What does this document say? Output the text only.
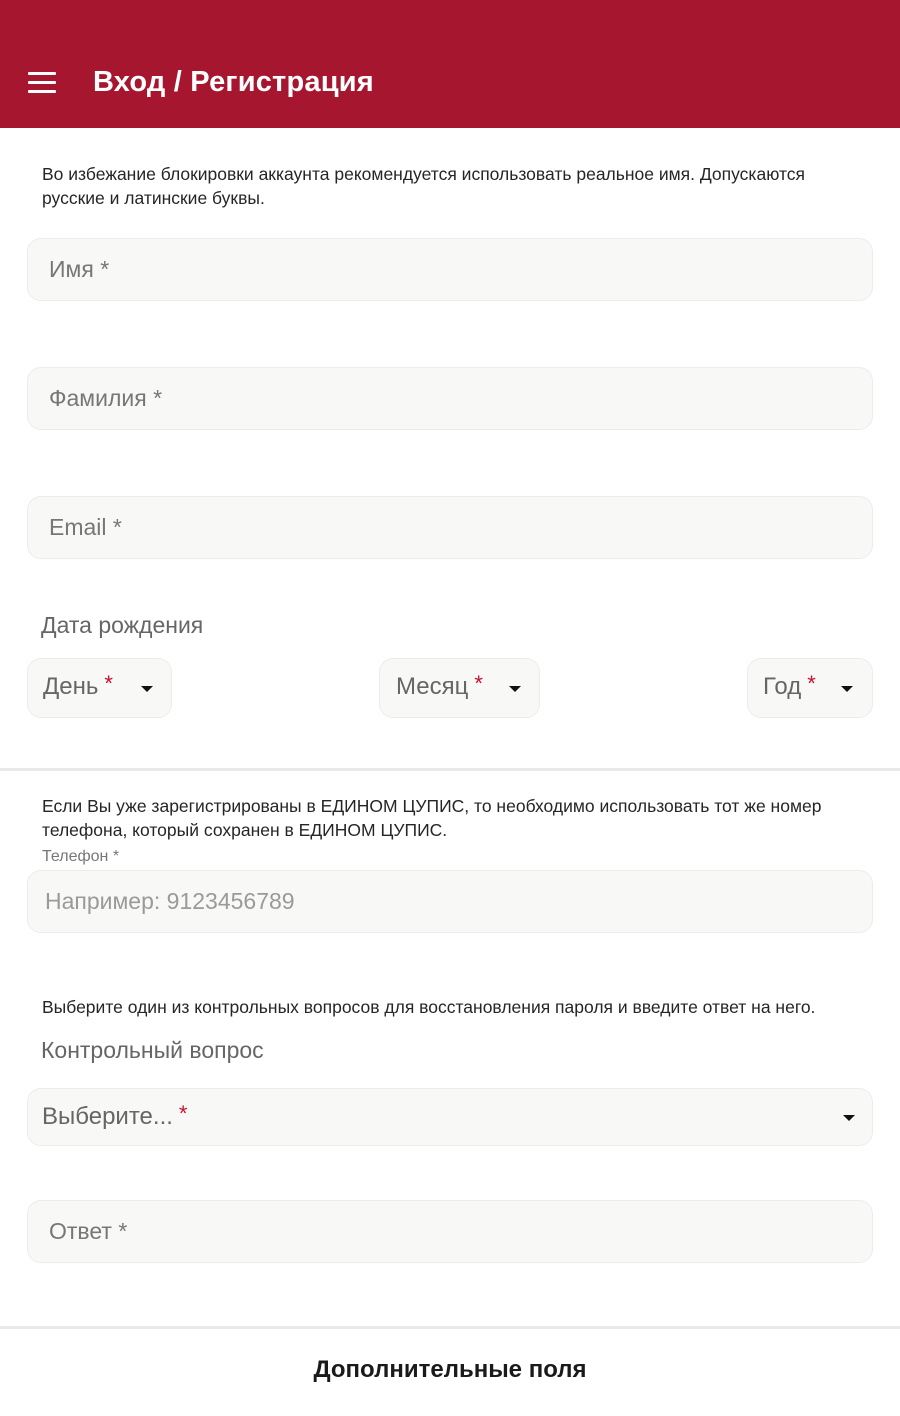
Вход / Регистрация
Во избежание блокировки аккаунта рекомендуется использовать реальное имя. Допускаются русские и латинские буквы.
Имя *
Фамилия *
Email *
Дата рождения
День *	Месяц *	Год *
Если Вы уже зарегистрированы в ЕДИНОМ ЦУПИС, то необходимо использовать тот же номер телефона, который сохранен в ЕДИНОМ ЦУПИС.
Телефон *
Например: 9123456789
Выберите один из контрольных вопросов для восстановления пароля и введите ответ на него.
Контрольный вопрос
Выберите... *
Ответ *
Дополнительные поля
